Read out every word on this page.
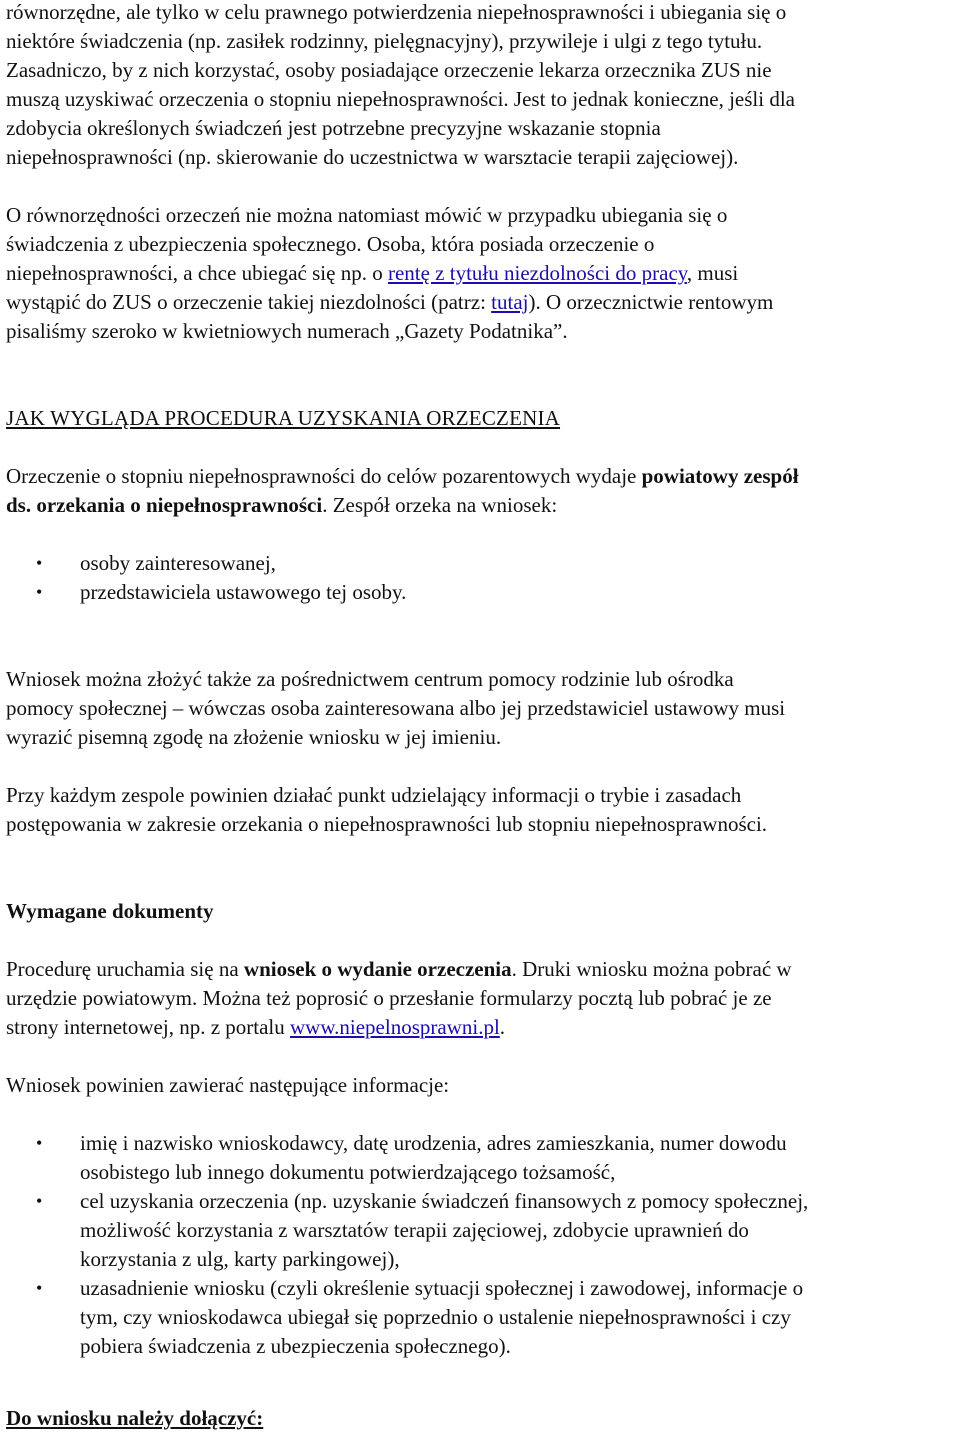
równorzędne, ale tylko w celu prawnego potwierdzenia niepełnosprawności i ubiegania się o
niektóre świadczenia (np. zasiłek rodzinny, pielęgnacyjny), przywileje i ulgi z tego tytułu.
Zasadniczo, by z nich korzystać, osoby posiadające orzeczenie lekarza orzecznika ZUS nie
muszą uzyskiwać orzeczenia o stopniu niepełnosprawności. Jest to jednak konieczne, jeśli dla
zdobycia określonych świadczeń jest potrzebne precyzyjne wskazanie stopnia
niepełnosprawności (np. skierowanie do uczestnictwa w warsztacie terapii zajęciowej).

O równorzędności orzeczeń nie można natomiast mówić w przypadku ubiegania się o
świadczenia z ubezpieczenia społecznego. Osoba, która posiada orzeczenie o
niepełnosprawności, a chce ubiegać się np. o rentę z tytułu niezdolności do pracy, musi
wystąpić do ZUS o orzeczenie takiej niezdolności (patrz: tutaj). O orzecznictwie rentowym
pisaliśmy szeroko w kwietniowych numerach „Gazety Podatnika”.

JAK WYGLĄDA PROCEDURA UZYSKANIA ORZECZENIA

Orzeczenie o stopniu niepełnosprawności do celów pozarentowych wydaje powiatowy zespół
ds. orzekania o niepełnosprawności. Zespół orzeka na wniosek:

• osoby zainteresowanej,
• przedstawiciela ustawowego tej osoby.

Wniosek można złożyć także za pośrednictwem centrum pomocy rodzinie lub ośrodka
pomocy społecznej – wówczas osoba zainteresowana albo jej przedstawiciel ustawowy musi
wyrazić pisemną zgodę na złożenie wniosku w jej imieniu.

Przy każdym zespole powinien działać punkt udzielający informacji o trybie i zasadach
postępowania w zakresie orzekania o niepełnosprawności lub stopniu niepełnosprawności.

Wymagane dokumenty

Procedurę uruchamia się na wniosek o wydanie orzeczenia. Druki wniosku można pobrać w
urzędzie powiatowym. Można też poprosić o przesłanie formularzy pocztą lub pobrać je ze
strony internetowej, np. z portalu www.niepelnosprawni.pl.

Wniosek powinien zawierać następujące informacje:

• imię i nazwisko wnioskodawcy, datę urodzenia, adres zamieszkania, numer dowodu
osobistego lub innego dokumentu potwierdzającego tożsamość,
• cel uzyskania orzeczenia (np. uzyskanie świadczeń finansowych z pomocy społecznej,
możliwość korzystania z warsztatów terapii zajęciowej, zdobycie uprawnień do
korzystania z ulg, karty parkingowej),
• uzasadnienie wniosku (czyli określenie sytuacji społecznej i zawodowej, informacje o
tym, czy wnioskodawca ubiegał się poprzednio o ustalenie niepełnosprawności i czy
pobiera świadczenia z ubezpieczenia społecznego).

Do wniosku należy dołączyć:
